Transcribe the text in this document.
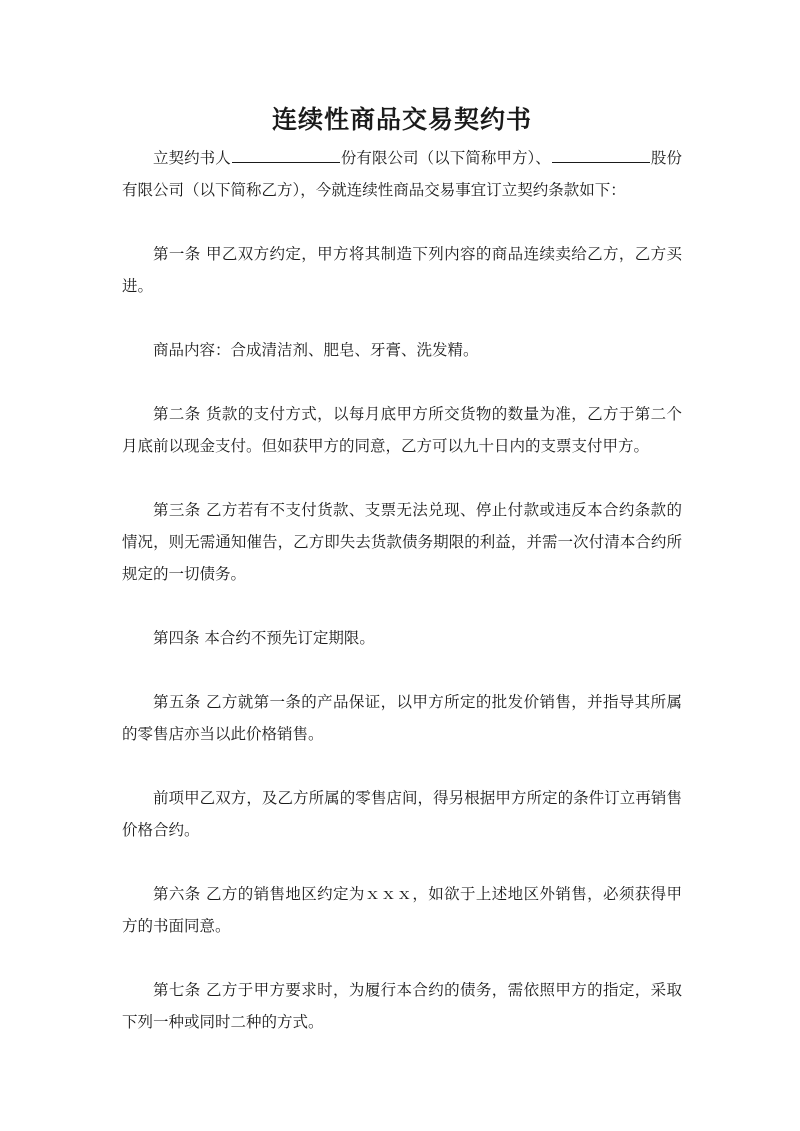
连续性商品交易契约书

立契约书人	份有限公司（以下简称甲方）、	股份有限公司（以下简称乙方），今就连续性商品交易事宜订立契约条款如下：

第一条 甲乙双方约定，甲方将其制造下列内容的商品连续卖给乙方，乙方买进。

商品内容：合成清洁剂、肥皂、牙膏、洗发精。

第二条 货款的支付方式，以每月底甲方所交货物的数量为准，乙方于第二个月底前以现金支付。但如获甲方的同意，乙方可以九十日内的支票支付甲方。

第三条 乙方若有不支付货款、支票无法兑现、停止付款或违反本合约条款的情况，则无需通知催告，乙方即失去货款债务期限的利益，并需一次付清本合约所规定的一切债务。

第四条 本合约不预先订定期限。

第五条 乙方就第一条的产品保证，以甲方所定的批发价销售，并指导其所属的零售店亦当以此价格销售。

前项甲乙双方，及乙方所属的零售店间，得另根据甲方所定的条件订立再销售价格合约。

第六条 乙方的销售地区约定为ｘｘｘ，如欲于上述地区外销售，必须获得甲方的书面同意。

第七条 乙方于甲方要求时，为履行本合约的债务，需依照甲方的指定，采取下列一种或同时二种的方式。
